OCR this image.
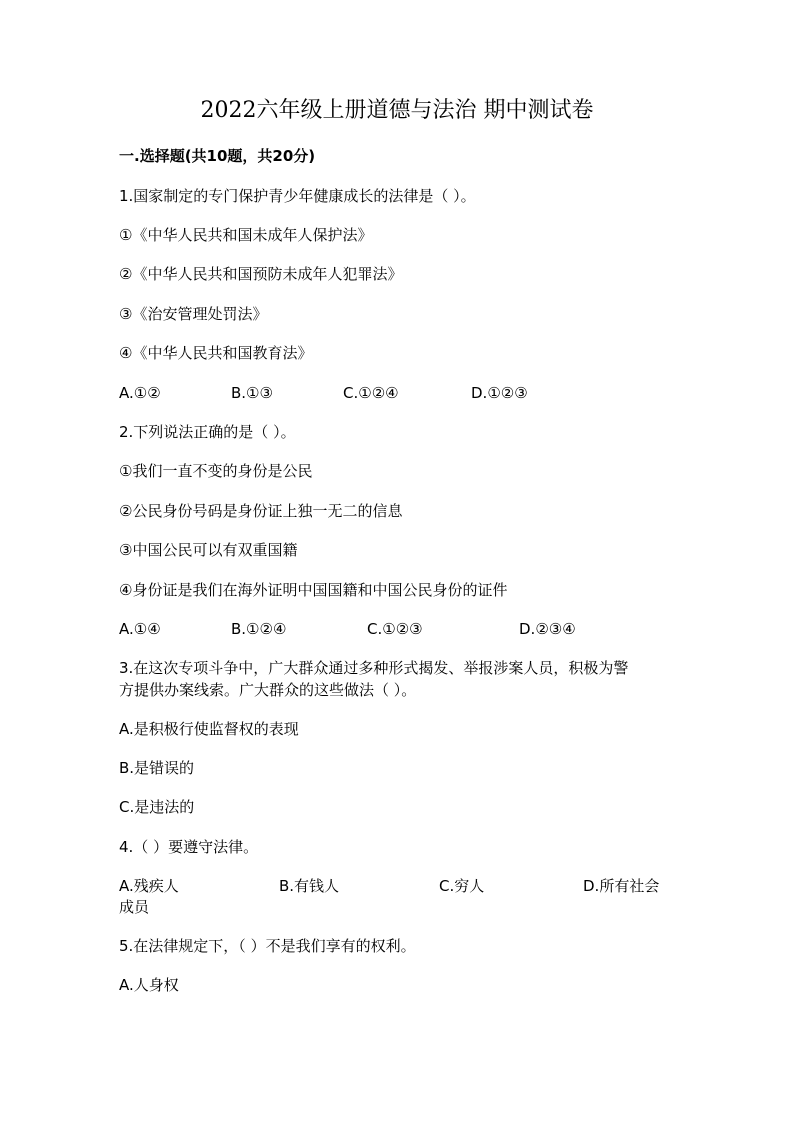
2022六年级上册道德与法治 期中测试卷
一.选择题(共10题，共20分)
1.国家制定的专门保护青少年健康成长的法律是（ ）。
①《中华人民共和国未成年人保护法》
②《中华人民共和国预防未成年人犯罪法》
③《治安管理处罚法》
④《中华人民共和国教育法》
A.①②	B.①③	C.①②④	D.①②③
2.下列说法正确的是（ ）。
①我们一直不变的身份是公民
②公民身份号码是身份证上独一无二的信息
③中国公民可以有双重国籍
④身份证是我们在海外证明中国国籍和中国公民身份的证件
A.①④	B.①②④	C.①②③	D.②③④
3.在这次专项斗争中，广大群众通过多种形式揭发、举报涉案人员，积极为警
方提供办案线索。广大群众的这些做法（ ）。
A.是积极行使监督权的表现
B.是错误的
C.是违法的
4.（ ）要遵守法律。
A.残疾人	B.有钱人	C.穷人	D.所有社会
成员
5.在法律规定下，（ ）不是我们享有的权利。
A.人身权
